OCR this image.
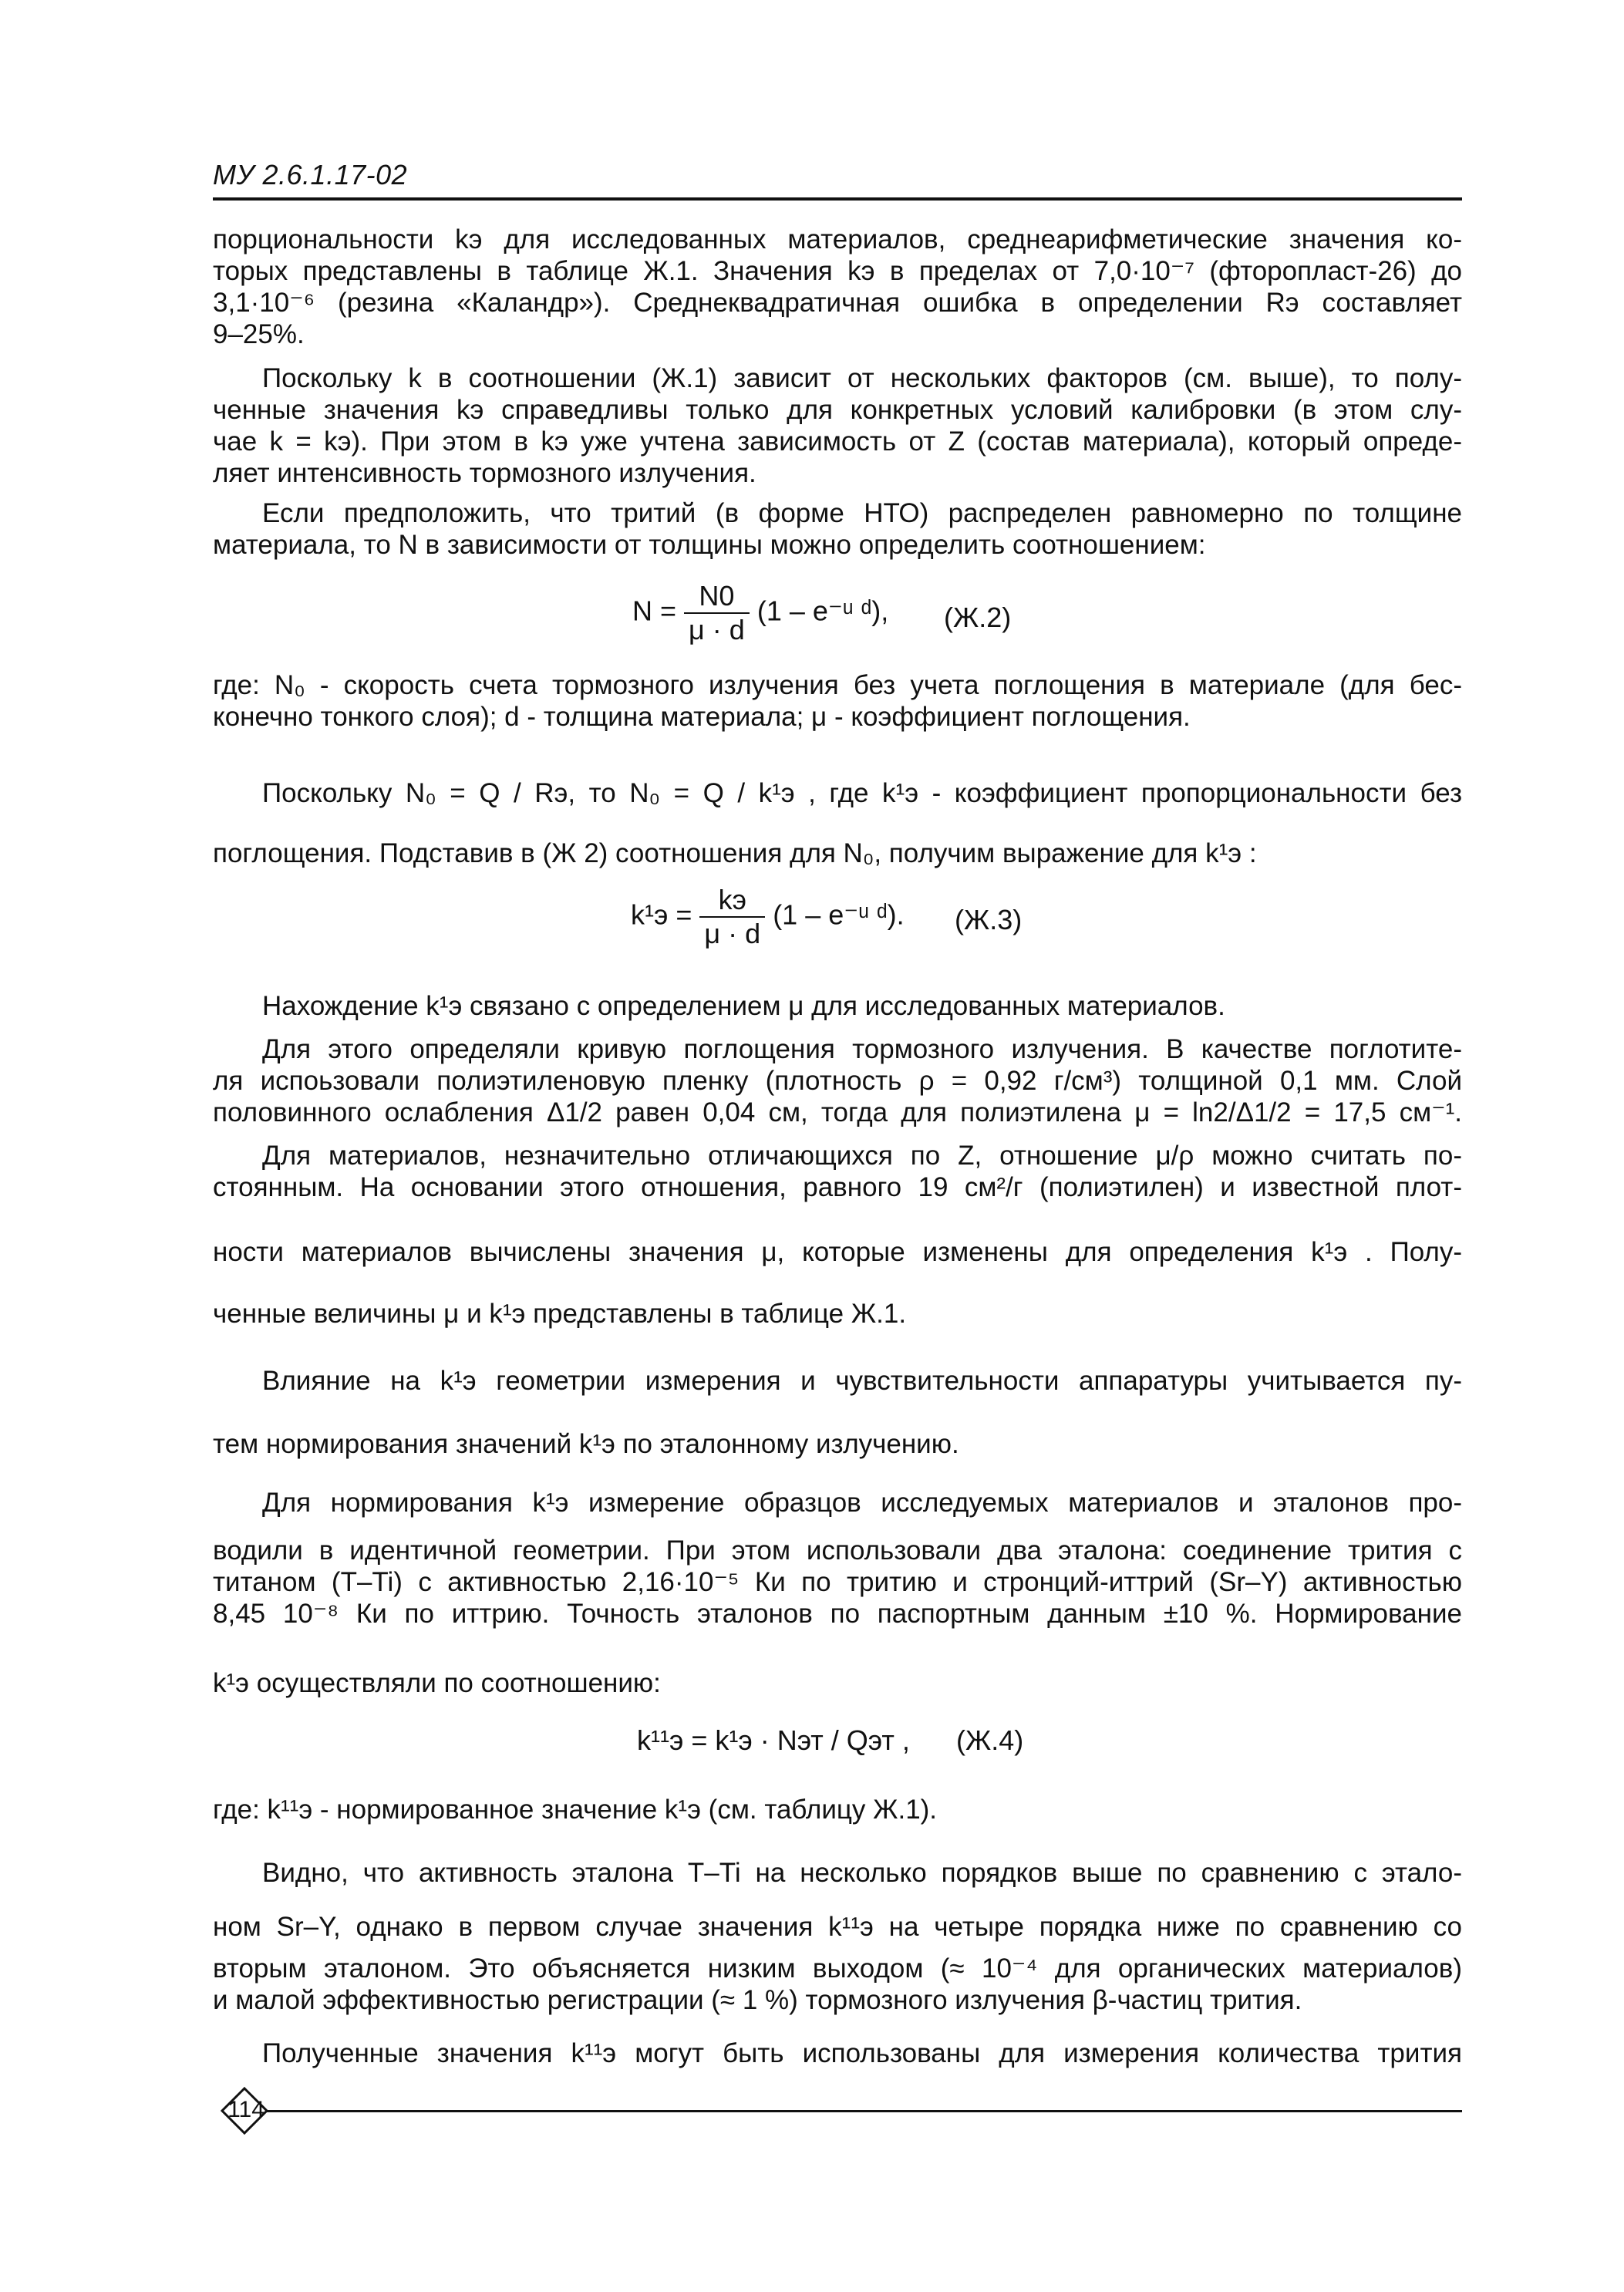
МУ 2.6.1.17-02
порциональности kэ для исследованных материалов, среднеарифметические значения ко-
торых представлены в таблице Ж.1. Значения kэ в пределах от 7,0·10⁻⁷ (фторопласт-26) до
3,1·10⁻⁶ (резина «Каландр»). Среднеквадратичная ошибка в определении Rэ составляет
9–25%.
Поскольку k в соотношении (Ж.1) зависит от нескольких факторов (см. выше), то полу-
ченные значения kэ справедливы только для конкретных условий калибровки (в этом слу-
чае k = kэ). При этом в kэ уже учтена зависимость от Z (состав материала), который опреде-
ляет интенсивность тормозного излучения.
Если предположить, что тритий (в форме НТО) распределен равномерно по толщине
материала, то N в зависимости от толщины можно определить соотношением:
$N = \frac{N0}{\mu \cdot d} (1$ – e⁻ᵘ ᵈ), (Ж.2)
где: N₀ - скорость счета тормозного излучения без учета поглощения в материале (для бес-
конечно тонкого слоя); d - толщина материала; μ - коэффициент поглощения.
Поскольку N₀ = Q / Rэ, то N₀ = Q / k¹э , где k¹э - коэффициент пропорциональности без
поглощения. Подставив в (Ж 2) соотношения для N₀, получим выражение для k¹э :
$k^1э = \frac{kэ}{\mu \cdot d} (1$ – e⁻ᵘ ᵈ). (Ж.3)
Нахождение k¹э связано с определением μ для исследованных материалов.
Для этого определяли кривую поглощения тормозного излучения. В качестве поглотите-
ля испоьзовали полиэтиленовую пленку (плотность ρ = 0,92 г/см³) толщиной 0,1 мм. Слой
половинного ослабления Δ1/2 равен 0,04 см, тогда для полиэтилена μ = ln2/Δ1/2 = 17,5 см⁻¹.
Для материалов, незначительно отличающихся по Z, отношение μ/ρ можно считать по-
стоянным. На основании этого отношения, равного 19 см²/г (полиэтилен) и известной плот-
ности материалов вычислены значения μ, которые изменены для определения k¹э . Полу-
ченные величины μ и k¹э представлены в таблице Ж.1.
Влияние на k¹э геометрии измерения и чувствительности аппаратуры учитывается пу-
тем нормирования значений k¹э по эталонному излучению.
Для нормирования k¹э измерение образцов исследуемых материалов и эталонов про-
водили в идентичной геометрии. При этом использовали два эталона: соединение трития с
титаном (T–Ti) с активностью 2,16·10⁻⁵ Ки по тритию и стронций-иттрий (Sr–Y) активностью
8,45 10⁻⁸ Ки по иттрию. Точность эталонов по паспортным данным ±10 %. Нормирование
k¹э осуществляли по соотношению:
k¹¹э = k¹э · Nэт / Qэт , (Ж.4)
где: k¹¹э - нормированное значение k¹э (см. таблицу Ж.1).
Видно, что активность эталона T–Ti на несколько порядков выше по сравнению с этало-
ном Sr–Y, однако в первом случае значения k¹¹э на четыре порядка ниже по сравнению со
вторым эталоном. Это объясняется низким выходом (≈ 10⁻⁴ для органических материалов)
и малой эффективностью регистрации (≈ 1 %) тормозного излучения β-частиц трития.
Полученные значения k¹¹э могут быть использованы для измерения количества трития
114
